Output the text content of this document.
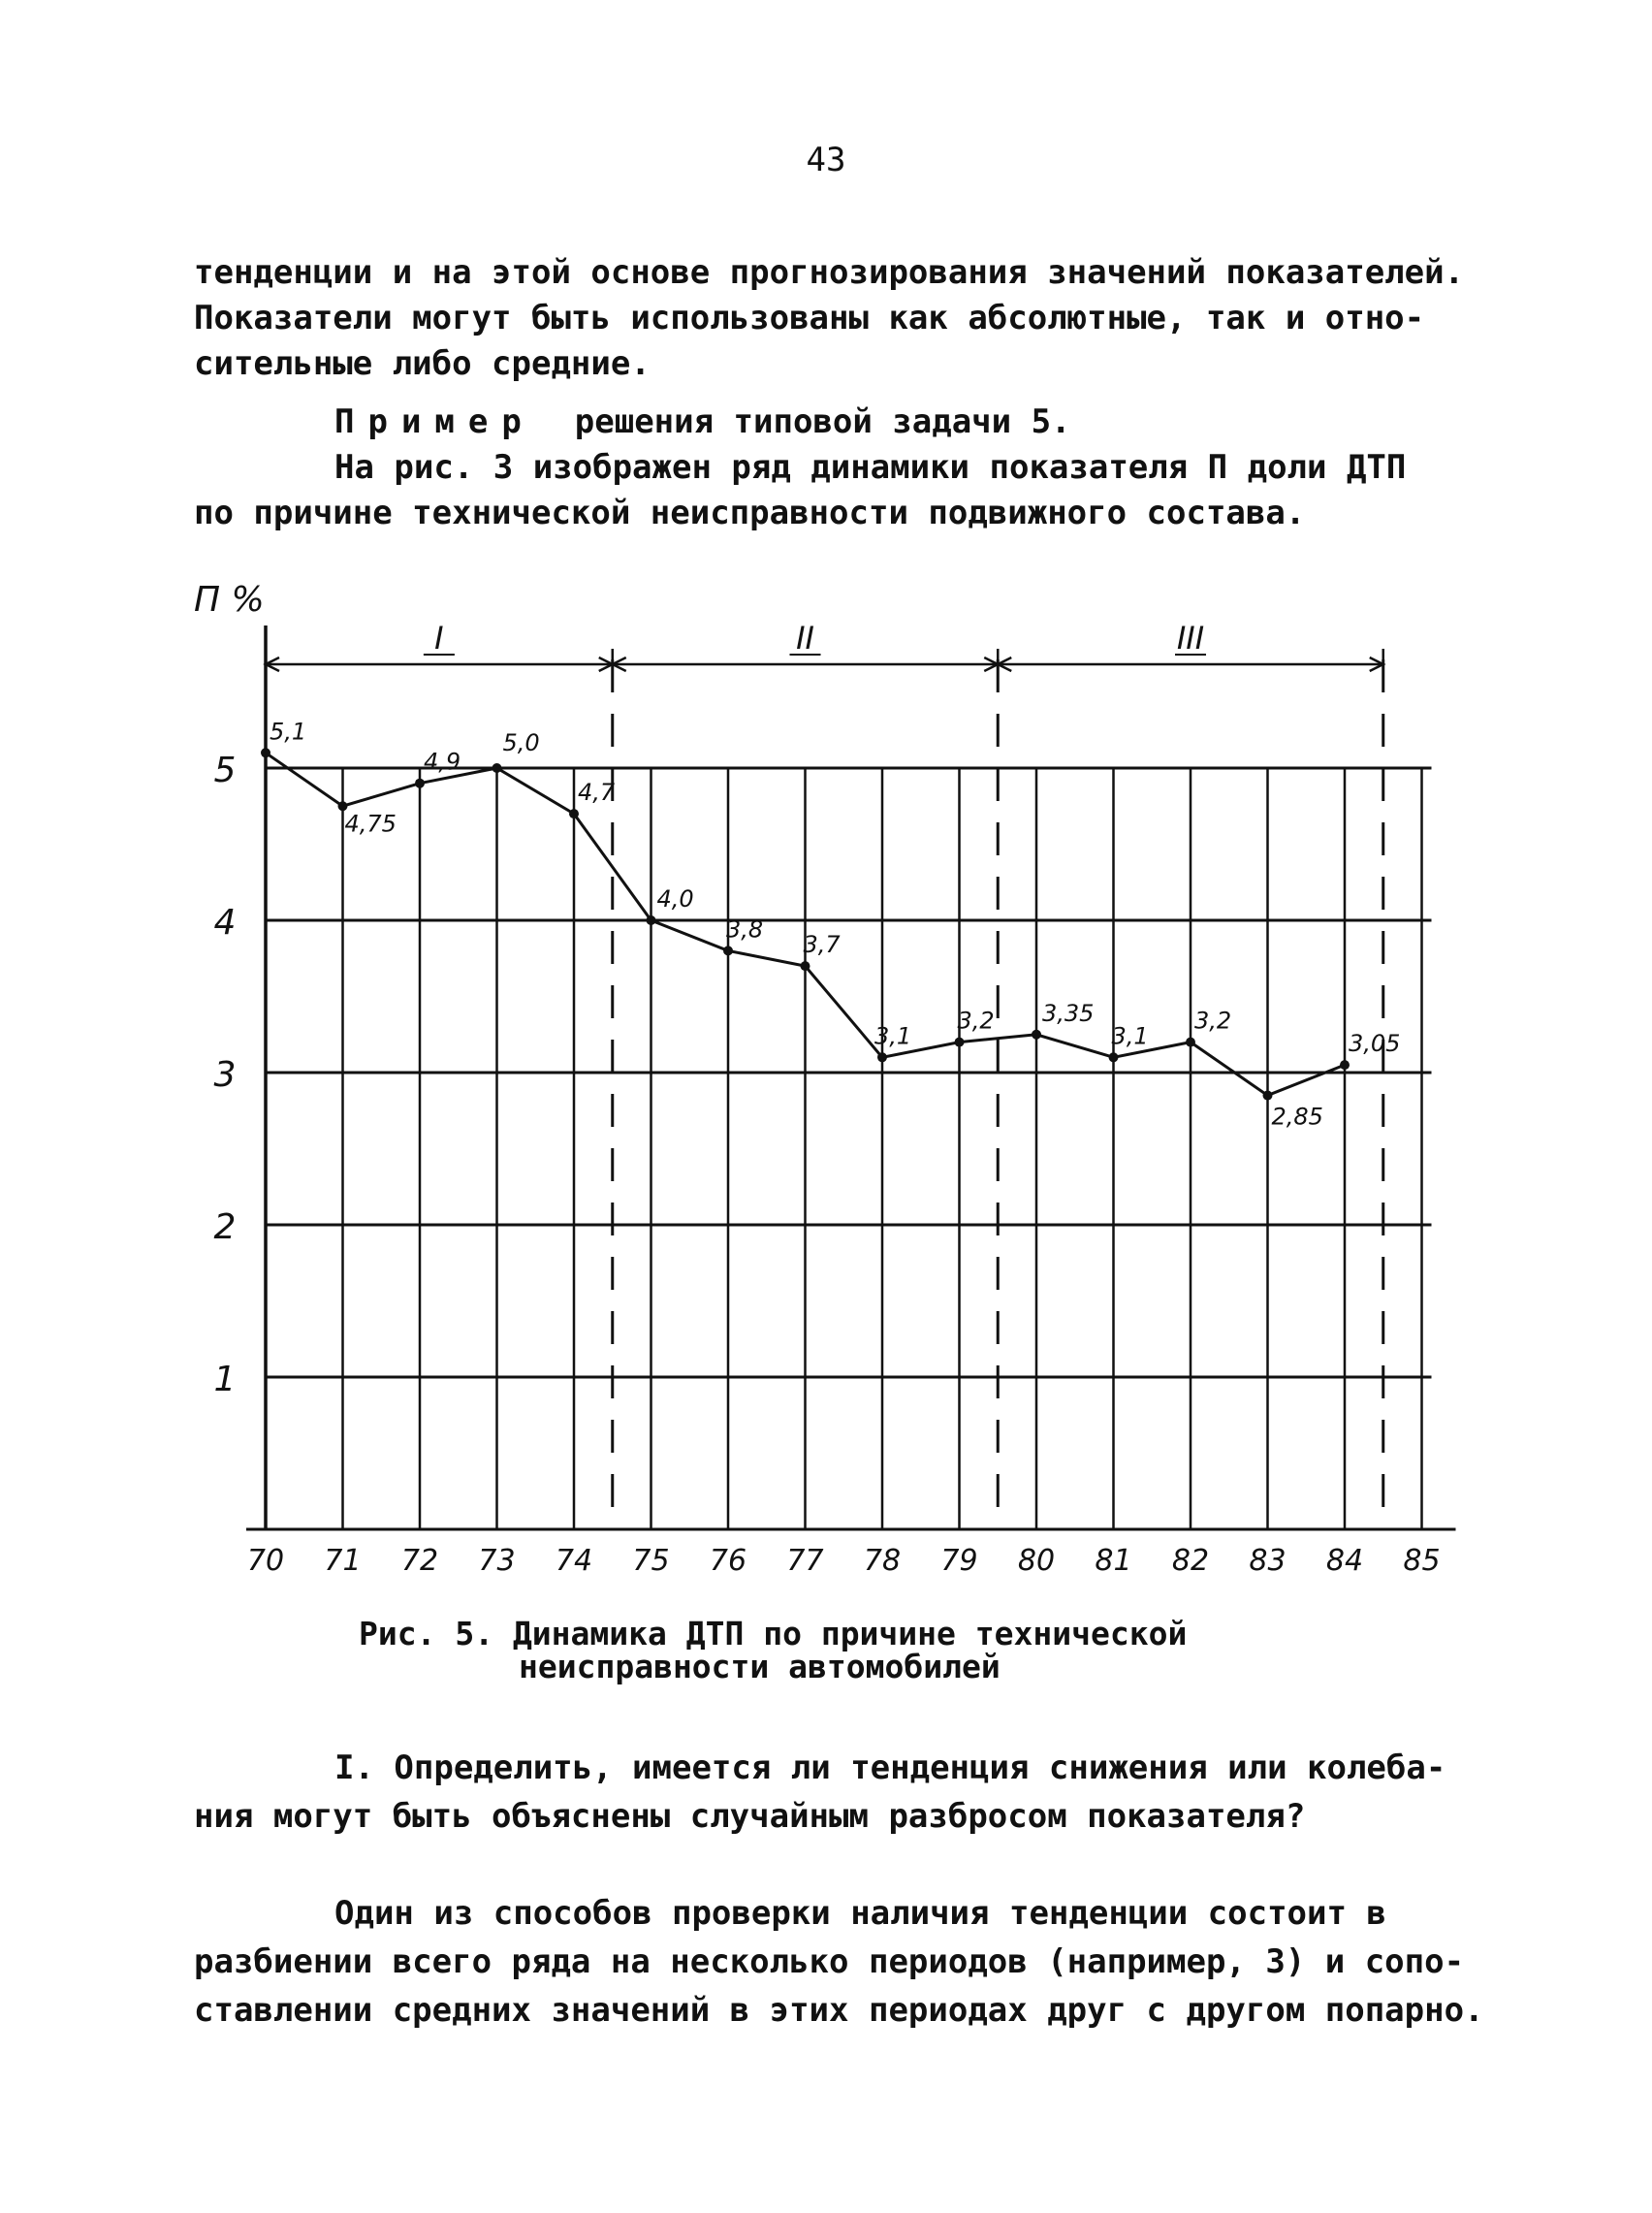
43
тенденции и на этой основе прогнозирования значений показателей.
Показатели могут быть использованы как абсолютные, так и отно-
сительные либо средние.
Пример решения типовой задачи 5.
На рис. 3 изображен ряд динамики показателя П доли ДТП
по причине технической неисправности подвижного состава.
П %
1
2
3
4
5
70 71 72 73 74 75 76 77 78 79 80 81 82 83 84 85
I	II	III
5,1
4,75
4,9
5,0
4,7
4,0
3,8
3,7
3,1
3,2 3,35
3,1
3,2
2,85
3,05
Рис. 5. Динамика ДТП по причине технической
неисправности автомобилей
I. Определить, имеется ли тенденция снижения или колеба-
ния могут быть объяснены случайным разбросом показателя?
Один из способов проверки наличия тенденции состоит в
разбиении всего ряда на несколько периодов (например, 3) и сопо-
ставлении средних значений в этих периодах друг с другом попарно.
